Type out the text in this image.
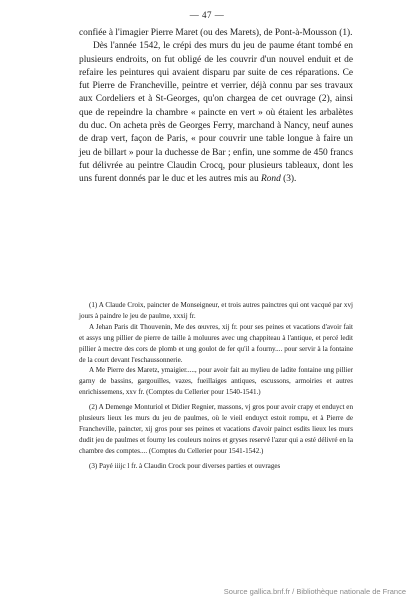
— 47 —

confiée à l'imagier Pierre Maret (ou des Marets), de Pont-à-Mousson (1).

Dès l'année 1542, le crépi des murs du jeu de paume étant tombé en plusieurs endroits, on fut obligé de les couvrir d'un nouvel enduit et de refaire les peintures qui avaient disparu par suite de ces réparations. Ce fut Pierre de Francheville, peintre et verrier, déjà connu par ses travaux aux Cordeliers et à St-Georges, qu'on chargea de cet ouvrage (2), ainsi que de repeindre la chambre « paincte en vert » où étaient les arbalètes du duc. On acheta près de Georges Ferry, marchand à Nancy, neuf aunes de drap vert, façon de Paris, « pour couvrir une table longue à faire un jeu de billart » pour la duchesse de Bar ; enfin, une somme de 450 francs fut délivrée au peintre Claudin Crocq, pour plusieurs tableaux, dont les uns furent donnés par le duc et les autres mis au Rond (3).

(1) A Claude Croix, paincter de Monseigneur, et trois autres painctres qui ont vacqué par xvj jours à paindre le jeu de paulme, xxxij fr.

A Jehan Paris dit Thouvenin, Me des œuvres, xij fr. pour ses peines et vacations d'avoir fait et assys ung pillier de pierre de taille à moluures avec ung chappiteau à l'antique, et percé ledit pillier à mectre des cors de plomb et ung goulot de fer qu'il a fourny.... pour servir à la fontaine de la court devant l'eschaussonnerie.

A Me Pierre des Maretz, ymaigier....., pour avoir fait au mylieu de ladite fontaine ung pillier garny de bassins, gargouilles, vazes, fueillaiges antiques, escussons, armoiries et autres enrichissemens, xxv fr. (Comptes du Cellerier pour 1540-1541.)

(2) A Demenge Monturiol et Didier Regnier, massons, vj gros pour avoir crapy et enduyct en plusieurs lieux les murs du jeu de paulmes, où le vieil enduyct estoit rompu, et à Pierre de Francheville, paincter, xij gros pour ses peines et vacations d'avoir painct esdits lieux les murs dudit jeu de paulmes et fourny les couleurs noires et gryses reservé l'azur qui a esté délivré en la chambre des comptes.... (Comptes du Cellerier pour 1541-1542.)

(3) Payé iiijc l fr. à Claudin Crock pour diverses parties et ouvrages

Source gallica.bnf.fr / Bibliothèque nationale de France
